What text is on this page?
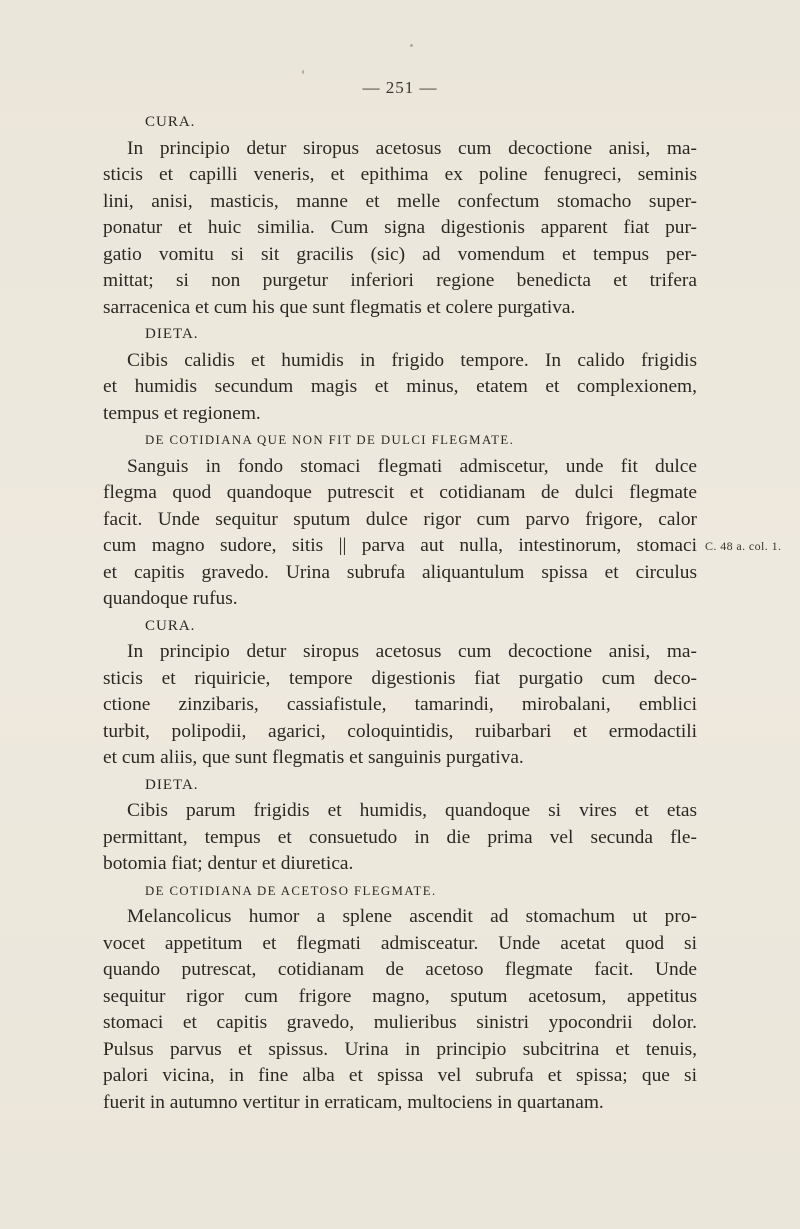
— 251 —
CURA.
In principio detur siropus acetosus cum decoctione anisi, ma-
sticis et capilli veneris, et epithima ex poline fenugreci, seminis
lini, anisi, masticis, manne et melle confectum stomacho super-
ponatur et huic similia. Cum signa digestionis apparent fiat pur-
gatio vomitu si sit gracilis (sic) ad vomendum et tempus per-
mittat; si non purgetur inferiori regione benedicta et trifera
sarracenica et cum his que sunt flegmatis et colere purgativa.
DIETA.
Cibis calidis et humidis in frigido tempore. In calido frigidis
et humidis secundum magis et minus, etatem et complexionem,
tempus et regionem.
DE COTIDIANA QUE NON FIT DE DULCI FLEGMATE.
Sanguis in fondo stomaci flegmati admiscetur, unde fit dulce
flegma quod quandoque putrescit et cotidianam de dulci flegmate
facit. Unde sequitur sputum dulce rigor cum parvo frigore, calor
cum magno sudore, sitis || parva aut nulla, intestinorum, stomaci C. 48 a. col. 1.
et capitis gravedo. Urina subrufa aliquantulum spissa et circulus
quandoque rufus.
CURA.
In principio detur siropus acetosus cum decoctione anisi, ma-
sticis et riquiricie, tempore digestionis fiat purgatio cum deco-
ctione zinzibaris, cassiafistule, tamarindi, mirobalani, emblici
turbit, polipodii, agarici, coloquintidis, ruibarbari et ermodactili
et cum aliis, que sunt flegmatis et sanguinis purgativa.
DIETA.
Cibis parum frigidis et humidis, quandoque si vires et etas
permittant, tempus et consuetudo in die prima vel secunda fle-
botomia fiat; dentur et diuretica.
DE COTIDIANA DE ACETOSO FLEGMATE.
Melancolicus humor a splene ascendit ad stomachum ut pro-
vocet appetitum et flegmati admisceatur. Unde acetat quod si
quando putrescat, cotidianam de acetoso flegmate facit. Unde
sequitur rigor cum frigore magno, sputum acetosum, appetitus
stomaci et capitis gravedo, mulieribus sinistri ypocondrii dolor.
Pulsus parvus et spissus. Urina in principio subcitrina et tenuis,
palori vicina, in fine alba et spissa vel subrufa et spissa; que si
fuerit in autumno vertitur in erraticam, multociens in quartanam.
